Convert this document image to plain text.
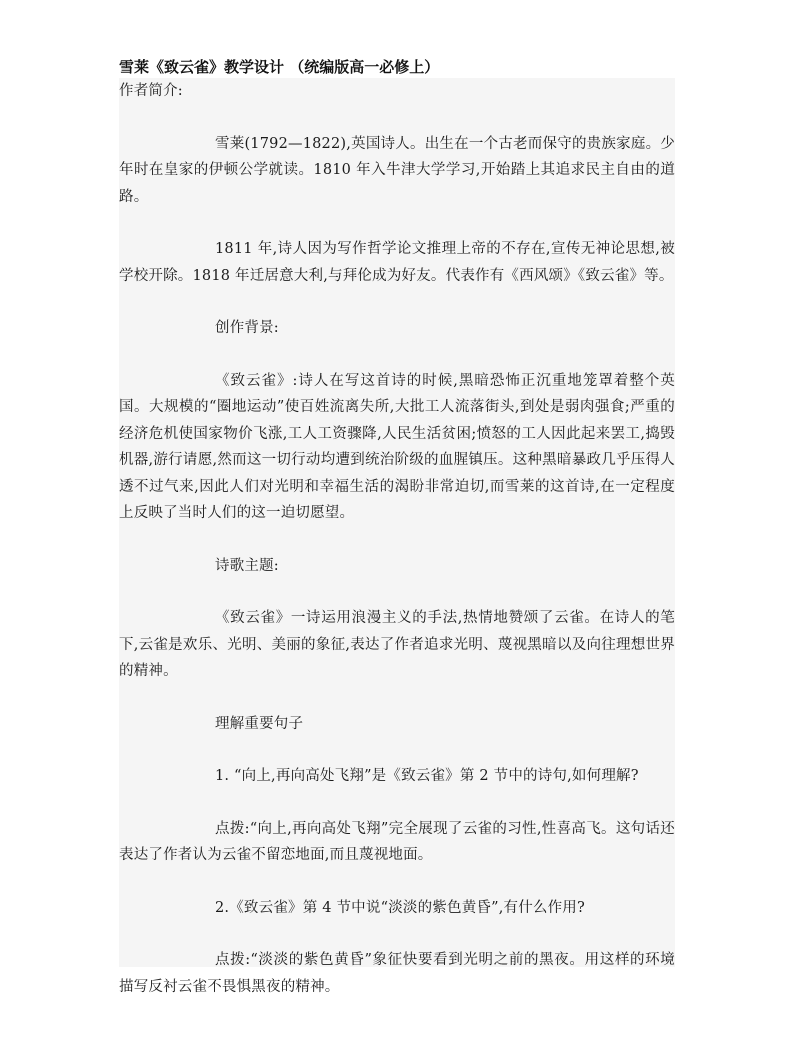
雪莱《致云雀》教学设计 （统编版高一必修上）

作者简介:

雪莱(1792—1822),英国诗人。出生在一个古老而保守的贵族家庭。少年时在皇家的伊顿公学就读。1810 年入牛津大学学习,开始踏上其追求民主自由的道路。

1811 年,诗人因为写作哲学论文推理上帝的不存在,宣传无神论思想,被学校开除。1818 年迁居意大利,与拜伦成为好友。代表作有《西风颂》《致云雀》等。

创作背景:

《致云雀》:诗人在写这首诗的时候,黑暗恐怖正沉重地笼罩着整个英国。大规模的“圈地运动”使百姓流离失所,大批工人流落街头,到处是弱肉强食;严重的经济危机使国家物价飞涨,工人工资骤降,人民生活贫困;愤怒的工人因此起来罢工,捣毁机器,游行请愿,然而这一切行动均遭到统治阶级的血腥镇压。这种黑暗暴政几乎压得人透不过气来,因此人们对光明和幸福生活的渴盼非常迫切,而雪莱的这首诗,在一定程度上反映了当时人们的这一迫切愿望。

诗歌主题:

《致云雀》一诗运用浪漫主义的手法,热情地赞颂了云雀。在诗人的笔下,云雀是欢乐、光明、美丽的象征,表达了作者追求光明、蔑视黑暗以及向往理想世界的精神。

理解重要句子

1. “向上,再向高处飞翔”是《致云雀》第 2 节中的诗句,如何理解?

点拨:“向上,再向高处飞翔”完全展现了云雀的习性,性喜高飞。这句话还表达了作者认为云雀不留恋地面,而且蔑视地面。

2.《致云雀》第 4 节中说“淡淡的紫色黄昏”,有什么作用?

点拨:“淡淡的紫色黄昏”象征快要看到光明之前的黑夜。用这样的环境描写反衬云雀不畏惧黑夜的精神。
